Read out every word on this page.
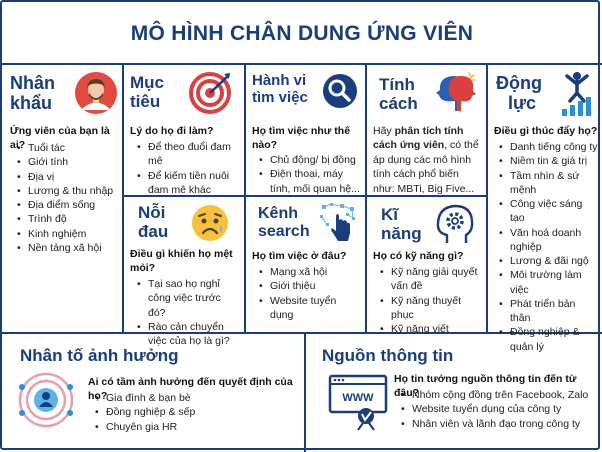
MÔ HÌNH CHÂN DUNG ỨNG VIÊN
Nhân
khẩu
Ứng viên của bạn là ai?
• Tuổi tác
• Giới tính
• Địa vị
• Lương & thu nhập
• Địa điểm sống
• Trình độ
• Kinh nghiệm
• Nền tảng xã hội
Mục
tiêu
Lý do họ đi làm?
• Để theo đuổi đam mê
• Để kiếm tiền nuôi đam mê khác
Hành vi
tìm việc
Họ tìm việc như thế nào?
• Chủ động/ bị động
• Điện thoại, máy tính, mối quan hệ...
Tính
cách
Hãy phân tích tính cách ứng viên, có thể áp dụng các mô hình tính cách phổ biến như: MBTi, Big Five...
Động
lực
Điều gì thúc đẩy họ?
• Danh tiếng công ty
• Niềm tin & giá trị
• Tầm nhìn & sứ mệnh
• Công việc sáng tạo
• Văn hoá doanh nghiệp
• Lương & đãi ngộ
• Môi trường làm việc
• Phát triển bản thân
• Đồng nghiệp & quản lý
Nỗi
đau
Điều gì khiến họ mệt mỏi?
• Tại sao họ nghỉ công việc trước đó?
• Rào cản chuyển việc của họ là gì?
Kênh
search
Họ tìm việc ở đâu?
• Mạng xã hội
• Giới thiệu
• Website tuyển dụng
Kĩ
năng
Họ có kỹ năng gì?
• Kỹ năng giải quyết vấn đề
• Kỹ năng thuyết phục
• Kỹ năng viết
Nhân tố ảnh hưởng
Ai có tầm ảnh hưởng đến quyết định của họ?
• Gia đình & bạn bè
• Đồng nghiệp & sếp
• Chuyên gia HR
Nguồn thông tin
WWW
Họ tin tưởng nguồn thông tin đến từ đâu?
• Nhóm cộng đồng trên Facebook, Zalo
• Website tuyển dụng của công ty
• Nhân viên và lãnh đạo trong công ty
